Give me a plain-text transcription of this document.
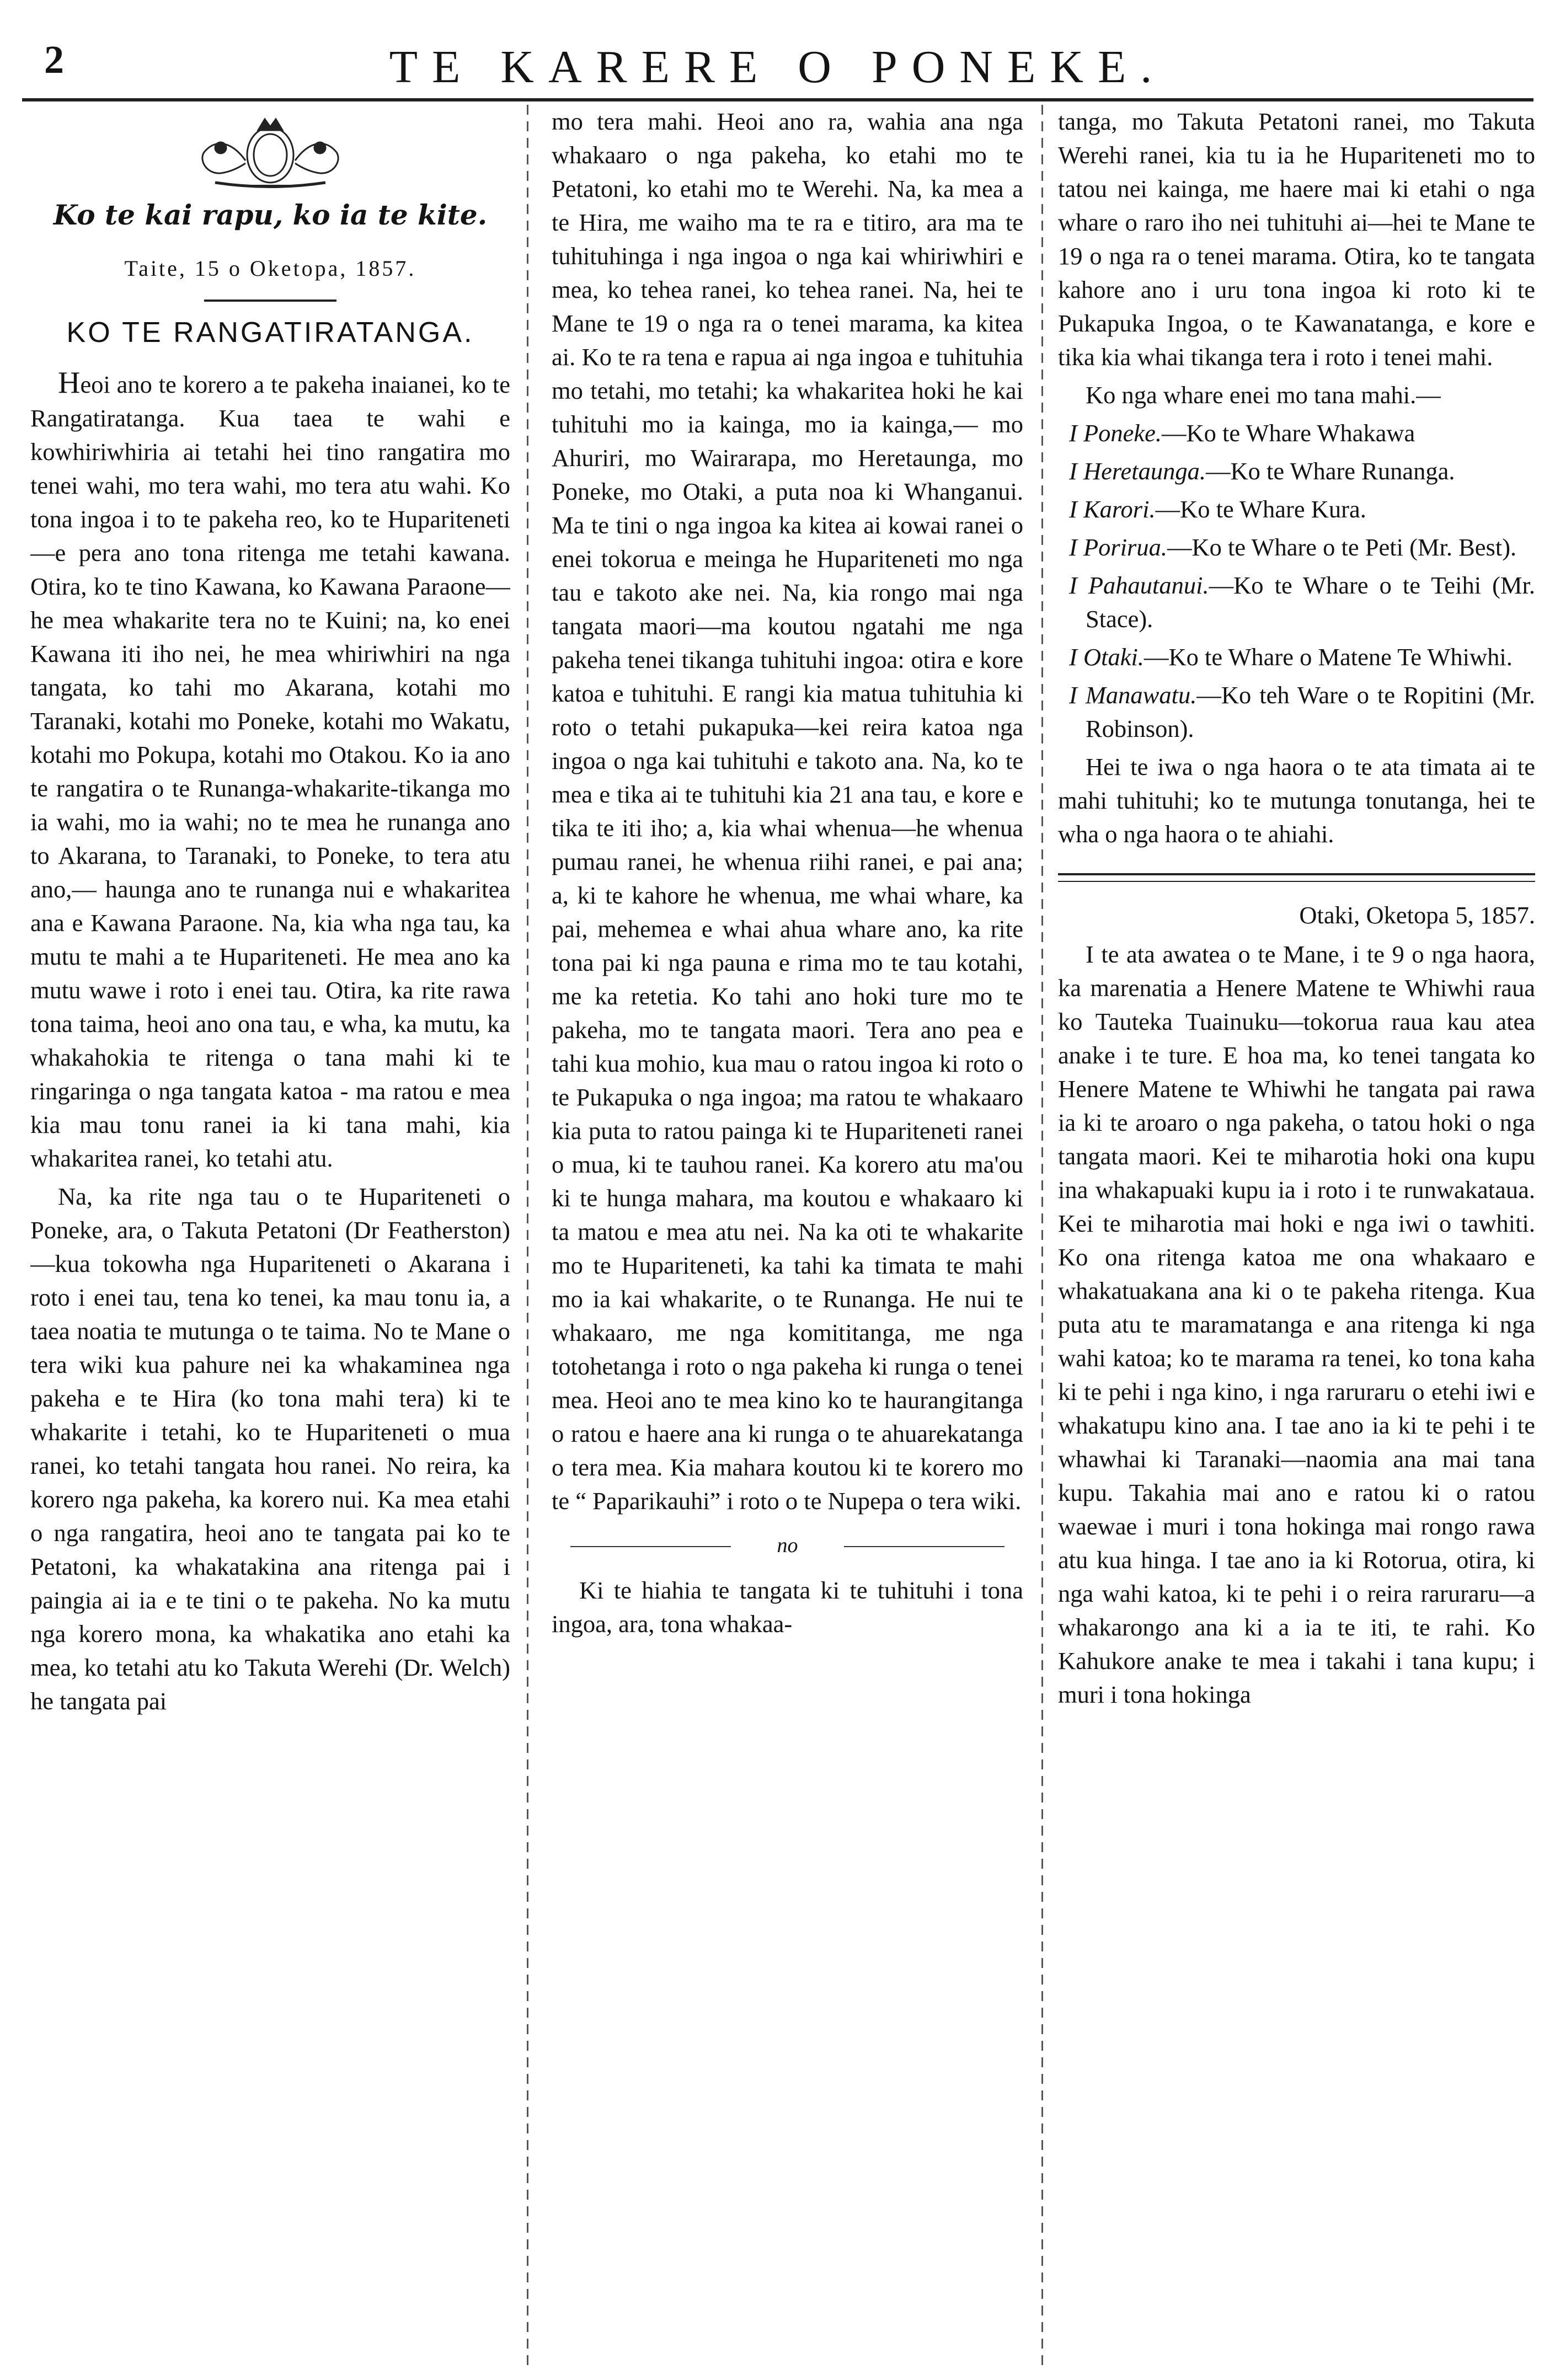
2	TE KARERE O PONEKE.
Ko te kai rapu, ko ia te kite.
Taite, 15 o Oketopa, 1857.
KO TE RANGATIRATANGA.

Heoi ano te korero a te pakeha inaianei, ko te Rangatiratanga. Kua taea te wahi e kowhiriwhiria ai tetahi hei tino rangatira mo tenei wahi, mo tera wahi, mo tera atu wahi. Ko tona ingoa i to te pakeha reo, ko te Hupariteneti—e pera ano tona ritenga me tetahi kawana. Otira, ko te tino Kawana, ko Kawana Paraone—he mea whakarite tera no te Kuini; na, ko enei Kawana iti iho nei, he mea whiriwhiri na nga tangata, ko tahi mo Akarana, kotahi mo Taranaki, kotahi mo Poneke, kotahi mo Wakatu, kotahi mo Pokupa, kotahi mo Otakou. Ko ia ano te rangatira o te Runanga-whakarite-tikanga mo ia wahi, mo ia wahi; no te mea he runanga ano to Akarana, to Taranaki, to Poneke, to tera atu ano,— haunga ano te runanga nui e whakaritea ana e Kawana Paraone. Na, kia wha nga tau, ka mutu te mahi a te Hupariteneti. He mea ano ka mutu wawe i roto i enei tau. Otira, ka rite rawa tona taima, heoi ano ona tau, e wha, ka mutu, ka whakahokia te ritenga o tana mahi ki te ringaringa o nga tangata katoa - ma ratou e mea kia mau tonu ranei ia ki tana mahi, kia whakaritea ranei, ko tetahi atu.

Na, ka rite nga tau o te Hupariteneti o Poneke, ara, o Takuta Petatoni (Dr Featherston)—kua tokowha nga Hupariteneti o Akarana i roto i enei tau, tena ko tenei, ka mau tonu ia, a taea noatia te mutunga o te taima. No te Mane o tera wiki kua pahure nei ka whakaminea nga pakeha e te Hira (ko tona mahi tera) ki te whakarite i tetahi, ko te Hupariteneti o mua ranei, ko tetahi tangata hou ranei. No reira, ka korero nga pakeha, ka korero nui. Ka mea etahi o nga rangatira, heoi ano te tangata pai ko te Petatoni, ka whakatakina ana ritenga pai i paingia ai ia e te tini o te pakeha. No ka mutu nga korero mona, ka whakatika ano etahi ka mea, ko tetahi atu ko Takuta Werehi (Dr. Welch) he tangata pai

mo tera mahi. Heoi ano ra, wahia ana nga whakaaro o nga pakeha, ko etahi mo te Petatoni, ko etahi mo te Werehi. Na, ka mea a te Hira, me waiho ma te ra e titiro, ara ma te tuhituhinga i nga ingoa o nga kai whiriwhiri e mea, ko tehea ranei, ko tehea ranei. Na, hei te Mane te 19 o nga ra o tenei marama, ka kitea ai. Ko te ra tena e rapua ai nga ingoa e tuhituhia mo tetahi, mo tetahi; ka whakaritea hoki he kai tuhituhi mo ia kainga, mo ia kainga,— mo Ahuriri, mo Wairarapa, mo Heretaunga, mo Poneke, mo Otaki, a puta noa ki Whanganui. Ma te tini o nga ingoa ka kitea ai kowai ranei o enei tokorua e meinga he Hupariteneti mo nga tau e takoto ake nei. Na, kia rongo mai nga tangata maori—ma koutou ngatahi me nga pakeha tenei tikanga tuhituhi ingoa: otira e kore katoa e tuhituhi. E rangi kia matua tuhituhia ki roto o tetahi pukapuka—kei reira katoa nga ingoa o nga kai tuhituhi e takoto ana. Na, ko te mea e tika ai te tuhituhi kia 21 ana tau, e kore e tika te iti iho; a, kia whai whenua—he whenua pumau ranei, he whenua riihi ranei, e pai ana; a, ki te kahore he whenua, me whai whare, ka pai, mehemea e whai ahua whare ano, ka rite tona pai ki nga pauna e rima mo te tau kotahi, me ka retetia. Ko tahi ano hoki ture mo te pakeha, mo te tangata maori. Tera ano pea e tahi kua mohio, kua mau o ratou ingoa ki roto o te Pukapuka o nga ingoa; ma ratou te whakaaro kia puta to ratou painga ki te Hupariteneti ranei o mua, ki te tauhou ranei. Ka korero atu ma'ou ki te hunga mahara, ma koutou e whakaaro ki ta matou e mea atu nei. Na ka oti te whakarite mo te Hupariteneti, ka tahi ka timata te mahi mo ia kai whakarite, o te Runanga. He nui te whakaaro, me nga komititanga, me nga totohetanga i roto o nga pakeha ki runga o tenei mea. Heoi ano te mea kino ko te haurangitanga o ratou e haere ana ki runga o te ahuarekatanga o tera mea. Kia mahara koutou ki te korero mo te “ Paparikauhi” i roto o te Nupepa o tera wiki.

no

Ki te hiahia te tangata ki te tuhituhi i tona ingoa, ara, tona whakaa-

tanga, mo Takuta Petatoni ranei, mo Takuta Werehi ranei, kia tu ia he Hupariteneti mo to tatou nei kainga, me haere mai ki etahi o nga whare o raro iho nei tuhituhi ai—hei te Mane te 19 o nga ra o tenei marama. Otira, ko te tangata kahore ano i uru tona ingoa ki roto ki te Pukapuka Ingoa, o te Kawanatanga, e kore e tika kia whai tikanga tera i roto i tenei mahi.

Ko nga whare enei mo tana mahi.—

I Poneke.—Ko te Whare Whakawa

I Heretaunga.—Ko te Whare Runanga.

I Karori.—Ko te Whare Kura.

I Porirua.—Ko te Whare o te Peti (Mr. Best).

I Pahautanui.—Ko te Whare o te Teihi (Mr. Stace).

I Otaki.—Ko te Whare o Matene Te Whiwhi.

I Manawatu.—Ko teh Ware o te Ropitini (Mr. Robinson).

Hei te iwa o nga haora o te ata timata ai te mahi tuhituhi; ko te mutunga tonutanga, hei te wha o nga haora o te ahiahi.

Otaki, Oketopa 5, 1857.

I te ata awatea o te Mane, i te 9 o nga haora, ka marenatia a Henere Matene te Whiwhi raua ko Tauteka Tuainuku—tokorua raua kau atea anake i te ture. E hoa ma, ko tenei tangata ko Henere Matene te Whiwhi he tangata pai rawa ia ki te aroaro o nga pakeha, o tatou hoki o nga tangata maori. Kei te miharotia hoki ona kupu ina whakapuaki kupu ia i roto i te runwakataua. Kei te miharotia mai hoki e nga iwi o tawhiti. Ko ona ritenga katoa me ona whakaaro e whakatuakana ana ki o te pakeha ritenga. Kua puta atu te maramatanga e ana ritenga ki nga wahi katoa; ko te marama ra tenei, ko tona kaha ki te pehi i nga kino, i nga raruraru o etehi iwi e whakatupu kino ana. I tae ano ia ki te pehi i te whawhai ki Taranaki—naomia ana mai tana kupu. Takahia mai ano e ratou ki o ratou waewae i muri i tona hokinga mai rongo rawa atu kua hinga. I tae ano ia ki Rotorua, otira, ki nga wahi katoa, ki te pehi i o reira raruraru—a whakarongo ana ki a ia te iti, te rahi. Ko Kahukore anake te mea i takahi i tana kupu; i muri i tona hokinga
